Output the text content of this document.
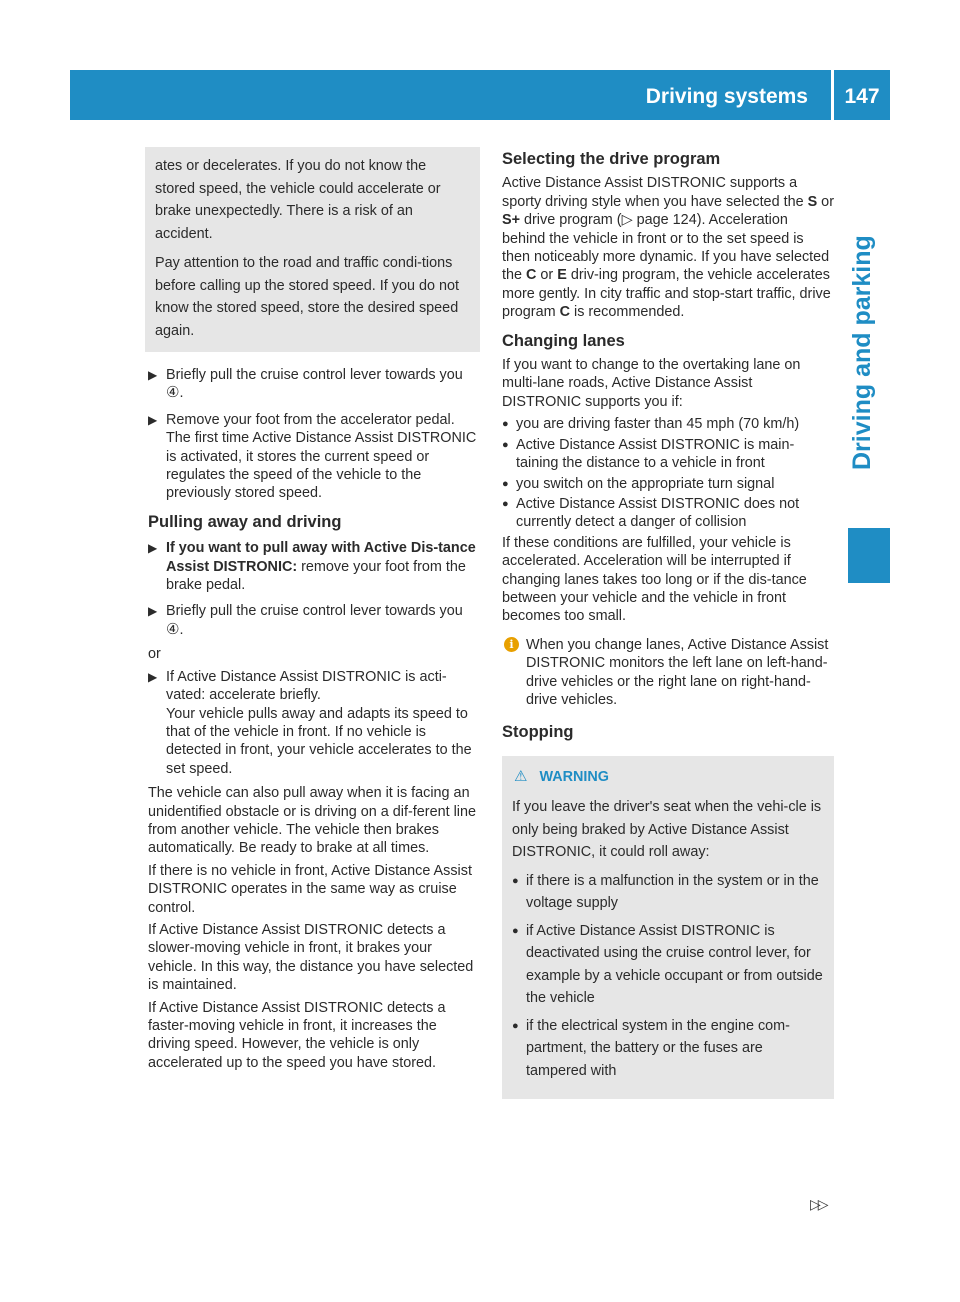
Driving systems	147
Driving and parking

ates or decelerates. If you do not know the stored speed, the vehicle could accelerate or brake unexpectedly. There is a risk of an accident.

Pay attention to the road and traffic condi-tions before calling up the stored speed. If you do not know the stored speed, store the desired speed again.

▶ Briefly pull the cruise control lever towards you ④.
▶ Remove your foot from the accelerator pedal.
The first time Active Distance Assist DISTRONIC is activated, it stores the current speed or regulates the speed of the vehicle to the previously stored speed.
Pulling away and driving
▶ If you want to pull away with Active Dis-tance Assist DISTRONIC: remove your foot from the brake pedal.
▶ Briefly pull the cruise control lever towards you ④.

or

▶ If Active Distance Assist DISTRONIC is acti-vated: accelerate briefly.
Your vehicle pulls away and adapts its speed to that of the vehicle in front. If no vehicle is detected in front, your vehicle accelerates to the set speed.

The vehicle can also pull away when it is facing an unidentified obstacle or is driving on a dif-ferent line from another vehicle. The vehicle then brakes automatically. Be ready to brake at all times.

If there is no vehicle in front, Active Distance Assist DISTRONIC operates in the same way as cruise control.

If Active Distance Assist DISTRONIC detects a slower-moving vehicle in front, it brakes your vehicle. In this way, the distance you have selected is maintained.

If Active Distance Assist DISTRONIC detects a faster-moving vehicle in front, it increases the driving speed. However, the vehicle is only accelerated up to the speed you have stored.

Selecting the drive program

Active Distance Assist DISTRONIC supports a sporty driving style when you have selected the S or S+ drive program (▷ page 124). Acceleration behind the vehicle in front or to the set speed is then noticeably more dynamic. If you have selected the C or E driv-ing program, the vehicle accelerates more gently. In city traffic and stop-start traffic, drive program C is recommended.

Changing lanes

If you want to change to the overtaking lane on multi-lane roads, Active Distance Assist DISTRONIC supports you if:

● you are driving faster than 45 mph (70 km/h)
● Active Distance Assist DISTRONIC is main-taining the distance to a vehicle in front
● you switch on the appropriate turn signal
● Active Distance Assist DISTRONIC does not currently detect a danger of collision

If these conditions are fulfilled, your vehicle is accelerated. Acceleration will be interrupted if changing lanes takes too long or if the dis-tance between your vehicle and the vehicle in front becomes too small.

i When you change lanes, Active Distance Assist DISTRONIC monitors the left lane on left-hand-drive vehicles or the right lane on right-hand-drive vehicles.
Stopping

⚠ WARNING

If you leave the driver's seat when the vehi-cle is only being braked by Active Distance Assist DISTRONIC, it could roll away:

● if there is a malfunction in the system or in the voltage supply
● if Active Distance Assist DISTRONIC is deactivated using the cruise control lever, for example by a vehicle occupant or from outside the vehicle
● if the electrical system in the engine com-partment, the battery or the fuses are tampered with
▷▷
